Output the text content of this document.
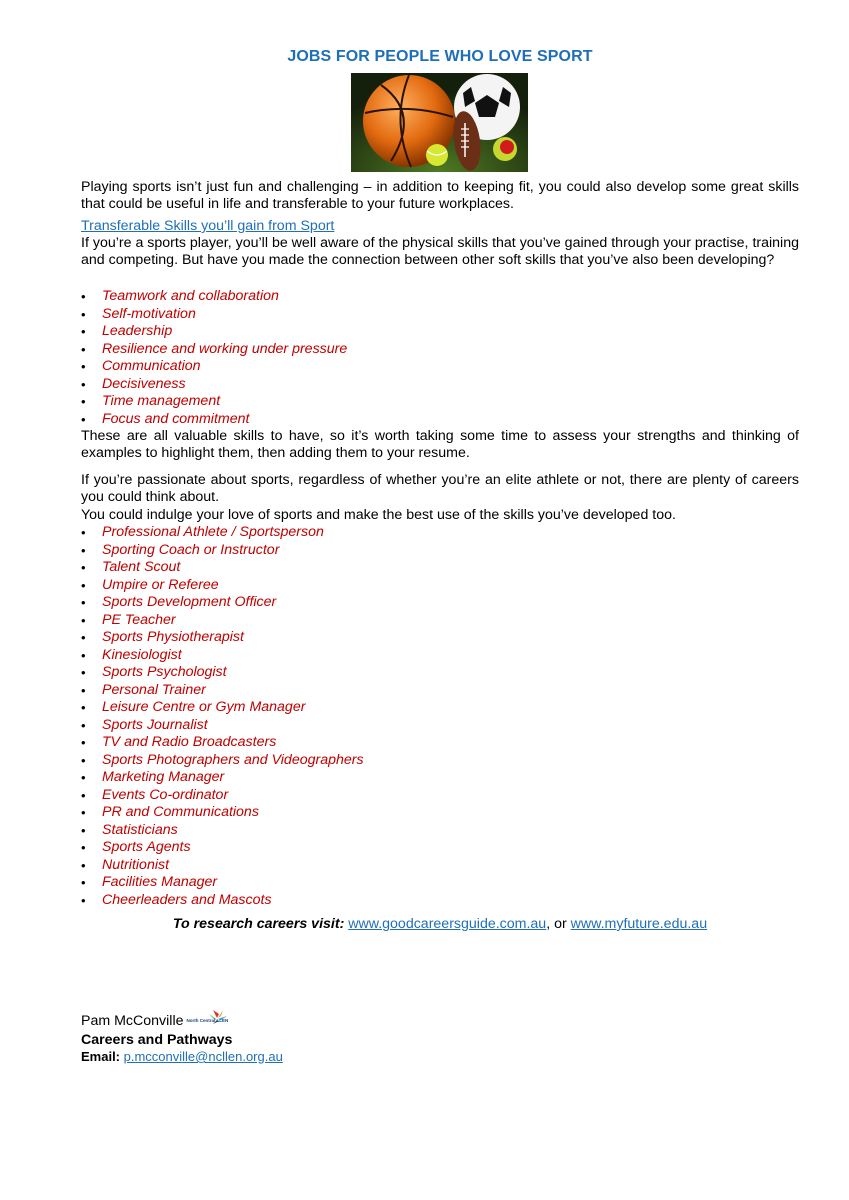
JOBS FOR PEOPLE WHO LOVE SPORT

Playing sports isn’t just fun and challenging – in addition to keeping fit, you could also develop some great skills that could be useful in life and transferable to your future workplaces.

Transferable Skills you’ll gain from Sport

If you’re a sports player, you’ll be well aware of the physical skills that you’ve gained through your practise, training and competing. But have you made the connection between other soft skills that you’ve also been developing?

• Teamwork and collaboration
• Self-motivation
• Leadership
• Resilience and working under pressure
• Communication
• Decisiveness
• Time management
• Focus and commitment

These are all valuable skills to have, so it’s worth taking some time to assess your strengths and thinking of examples to highlight them, then adding them to your resume.

If you’re passionate about sports, regardless of whether you’re an elite athlete or not, there are plenty of careers you could think about.

You could indulge your love of sports and make the best use of the skills you’ve developed too.

• Professional Athlete / Sportsperson
• Sporting Coach or Instructor
• Talent Scout
• Umpire or Referee
• Sports Development Officer
• PE Teacher
• Sports Physiotherapist
• Kinesiologist
• Sports Psychologist
• Personal Trainer
• Leisure Centre or Gym Manager
• Sports Journalist
• TV and Radio Broadcasters
• Sports Photographers and Videographers
• Marketing Manager
• Events Co-ordinator
• PR and Communications
• Statisticians
• Sports Agents
• Nutritionist
• Facilities Manager
• Cheerleaders and Mascots
To research careers visit: www.goodcareersguide.com.au, or www.myfuture.edu.au
Pam McConville North Central LLEN
Careers and Pathways
Email: p.mcconville@ncllen.org.au
